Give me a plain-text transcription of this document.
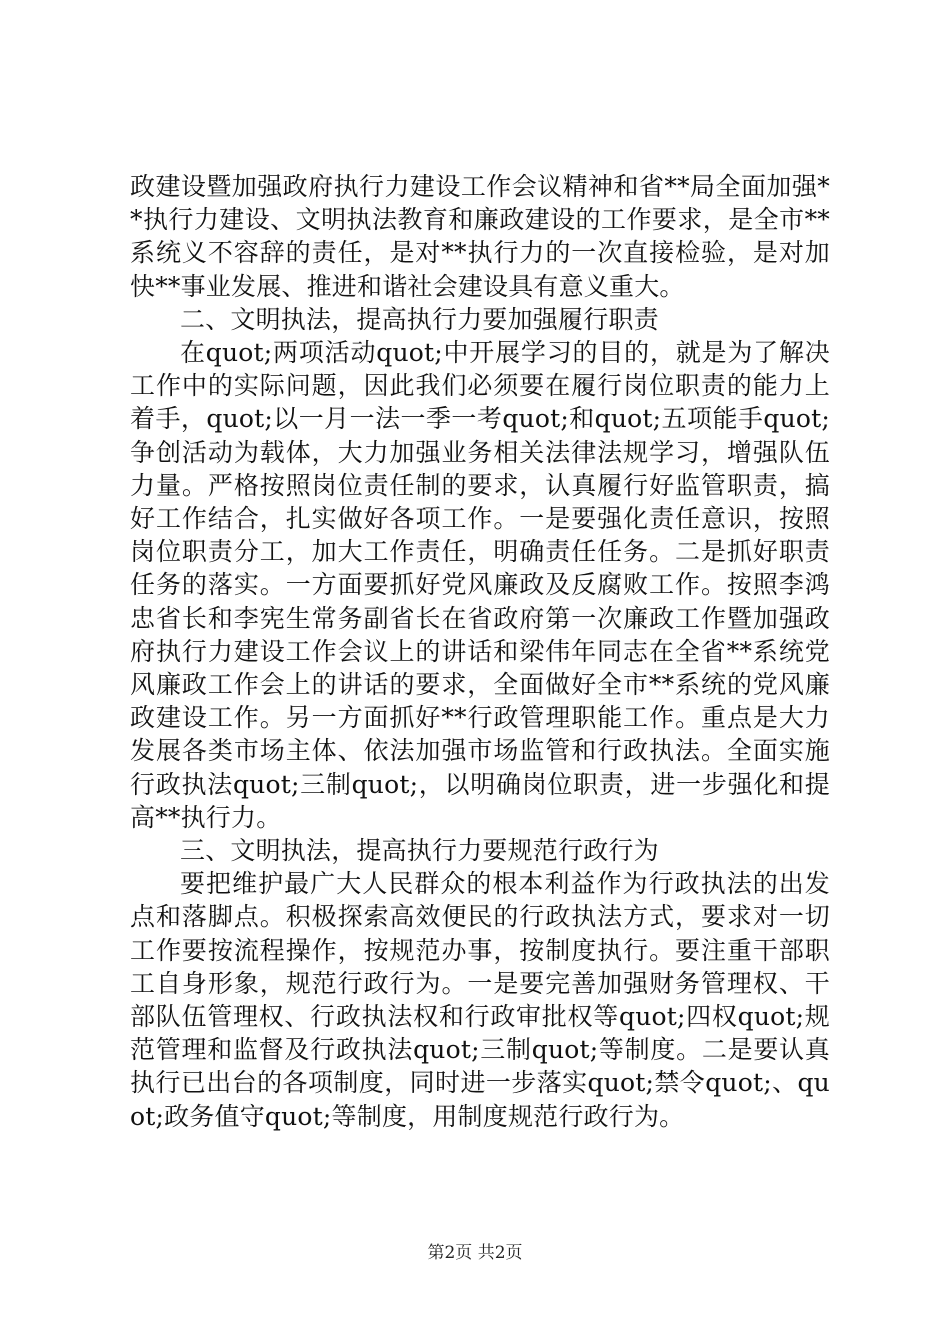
政建设暨加强政府执行力建设工作会议精神和省**局全面加强**执行力建设、文明执法教育和廉政建设的工作要求，是全市**系统义不容辞的责任，是对**执行力的一次直接检验，是对加快**事业发展、推进和谐社会建设具有意义重大。

二、文明执法，提高执行力要加强履行职责

在quot;两项活动quot;中开展学习的目的，就是为了解决工作中的实际问题，因此我们必须要在履行岗位职责的能力上着手，quot;以一月一法一季一考quot;和quot;五项能手quot;争创活动为载体，大力加强业务相关法律法规学习，增强队伍力量。严格按照岗位责任制的要求，认真履行好监管职责，搞好工作结合，扎实做好各项工作。一是要强化责任意识，按照岗位职责分工，加大工作责任，明确责任任务。二是抓好职责任务的落实。一方面要抓好党风廉政及反腐败工作。按照李鸿忠省长和李宪生常务副省长在省政府第一次廉政工作暨加强政府执行力建设工作会议上的讲话和梁伟年同志在全省**系统党风廉政工作会上的讲话的要求，全面做好全市**系统的党风廉政建设工作。另一方面抓好**行政管理职能工作。重点是大力发展各类市场主体、依法加强市场监管和行政执法。全面实施行政执法quot;三制quot;，以明确岗位职责，进一步强化和提高**执行力。

三、文明执法，提高执行力要规范行政行为

要把维护最广大人民群众的根本利益作为行政执法的出发点和落脚点。积极探索高效便民的行政执法方式，要求对一切工作要按流程操作，按规范办事，按制度执行。要注重干部职工自身形象，规范行政行为。一是要完善加强财务管理权、干部队伍管理权、行政执法权和行政审批权等quot;四权quot;规范管理和监督及行政执法quot;三制quot;等制度。二是要认真执行已出台的各项制度，同时进一步落实quot;禁令quot;、quot;政务值守quot;等制度，用制度规范行政行为。

第2页 共2页
